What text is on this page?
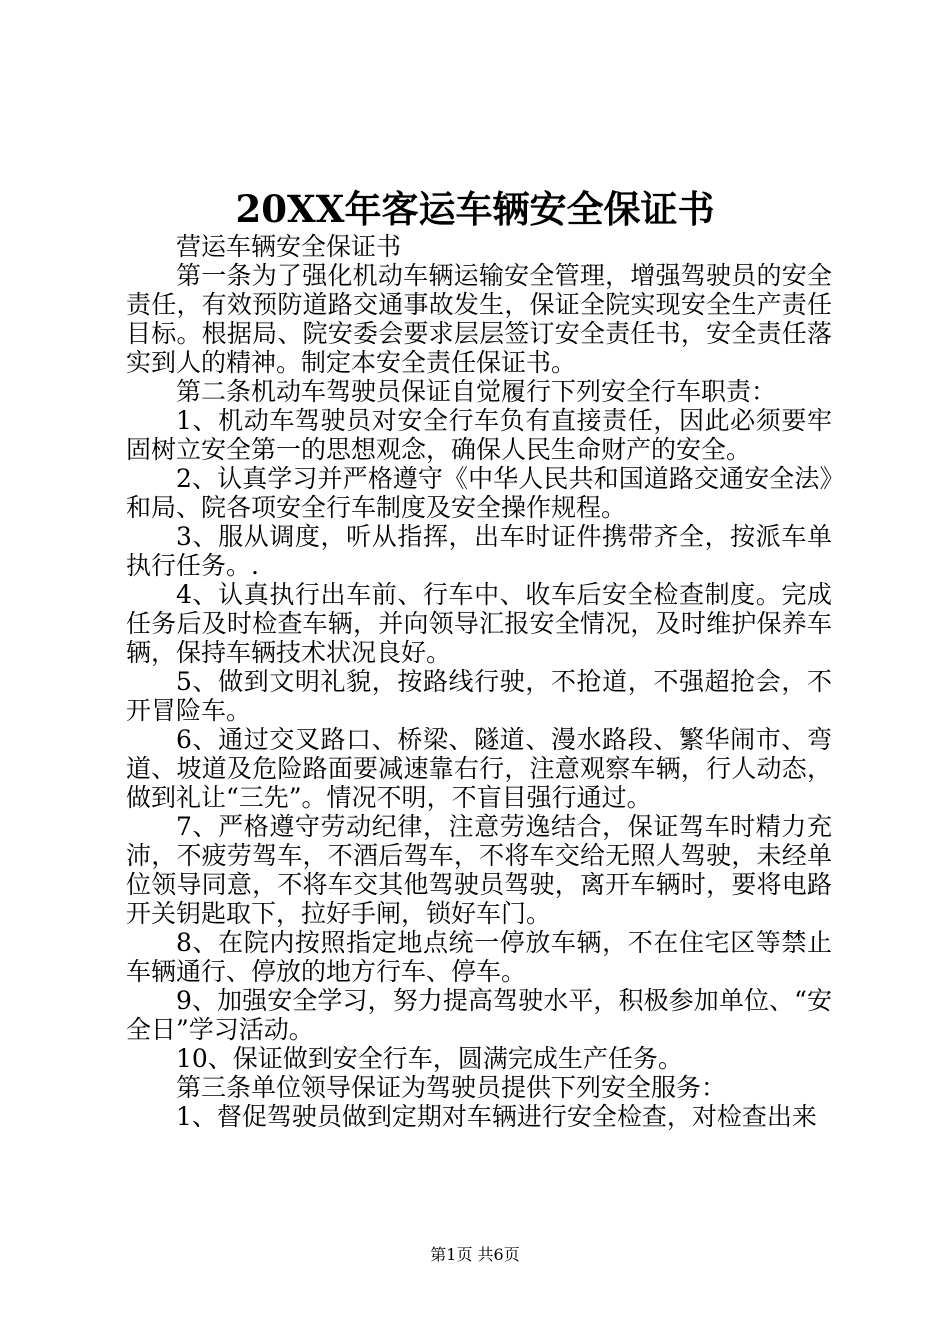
20XX年客运车辆安全保证书

营运车辆安全保证书

第一条为了强化机动车辆运输安全管理，增强驾驶员的安全责任，有效预防道路交通事故发生，保证全院实现安全生产责任目标。根据局、院安委会要求层层签订安全责任书，安全责任落实到人的精神。制定本安全责任保证书。

第二条机动车驾驶员保证自觉履行下列安全行车职责：

1、机动车驾驶员对安全行车负有直接责任，因此必须要牢固树立安全第一的思想观念，确保人民生命财产的安全。

2、认真学习并严格遵守《中华人民共和国道路交通安全法》和局、院各项安全行车制度及安全操作规程。

3、服从调度，听从指挥，出车时证件携带齐全，按派车单执行任务。.

4、认真执行出车前、行车中、收车后安全检查制度。完成任务后及时检查车辆，并向领导汇报安全情况，及时维护保养车辆，保持车辆技术状况良好。

5、做到文明礼貌，按路线行驶，不抢道，不强超抢会，不开冒险车。

6、通过交叉路口、桥梁、隧道、漫水路段、繁华闹市、弯道、坡道及危险路面要减速靠右行，注意观察车辆，行人动态，做到礼让“三先”。情况不明，不盲目强行通过。

7、严格遵守劳动纪律，注意劳逸结合，保证驾车时精力充沛，不疲劳驾车，不酒后驾车，不将车交给无照人驾驶，未经单位领导同意，不将车交其他驾驶员驾驶，离开车辆时，要将电路开关钥匙取下，拉好手闸，锁好车门。

8、在院内按照指定地点统一停放车辆，不在住宅区等禁止车辆通行、停放的地方行车、停车。

9、加强安全学习，努力提高驾驶水平，积极参加单位、“安全日”学习活动。

10、保证做到安全行车，圆满完成生产任务。

第三条单位领导保证为驾驶员提供下列安全服务：

1、督促驾驶员做到定期对车辆进行安全检查，对检查出来

第1页 共6页
